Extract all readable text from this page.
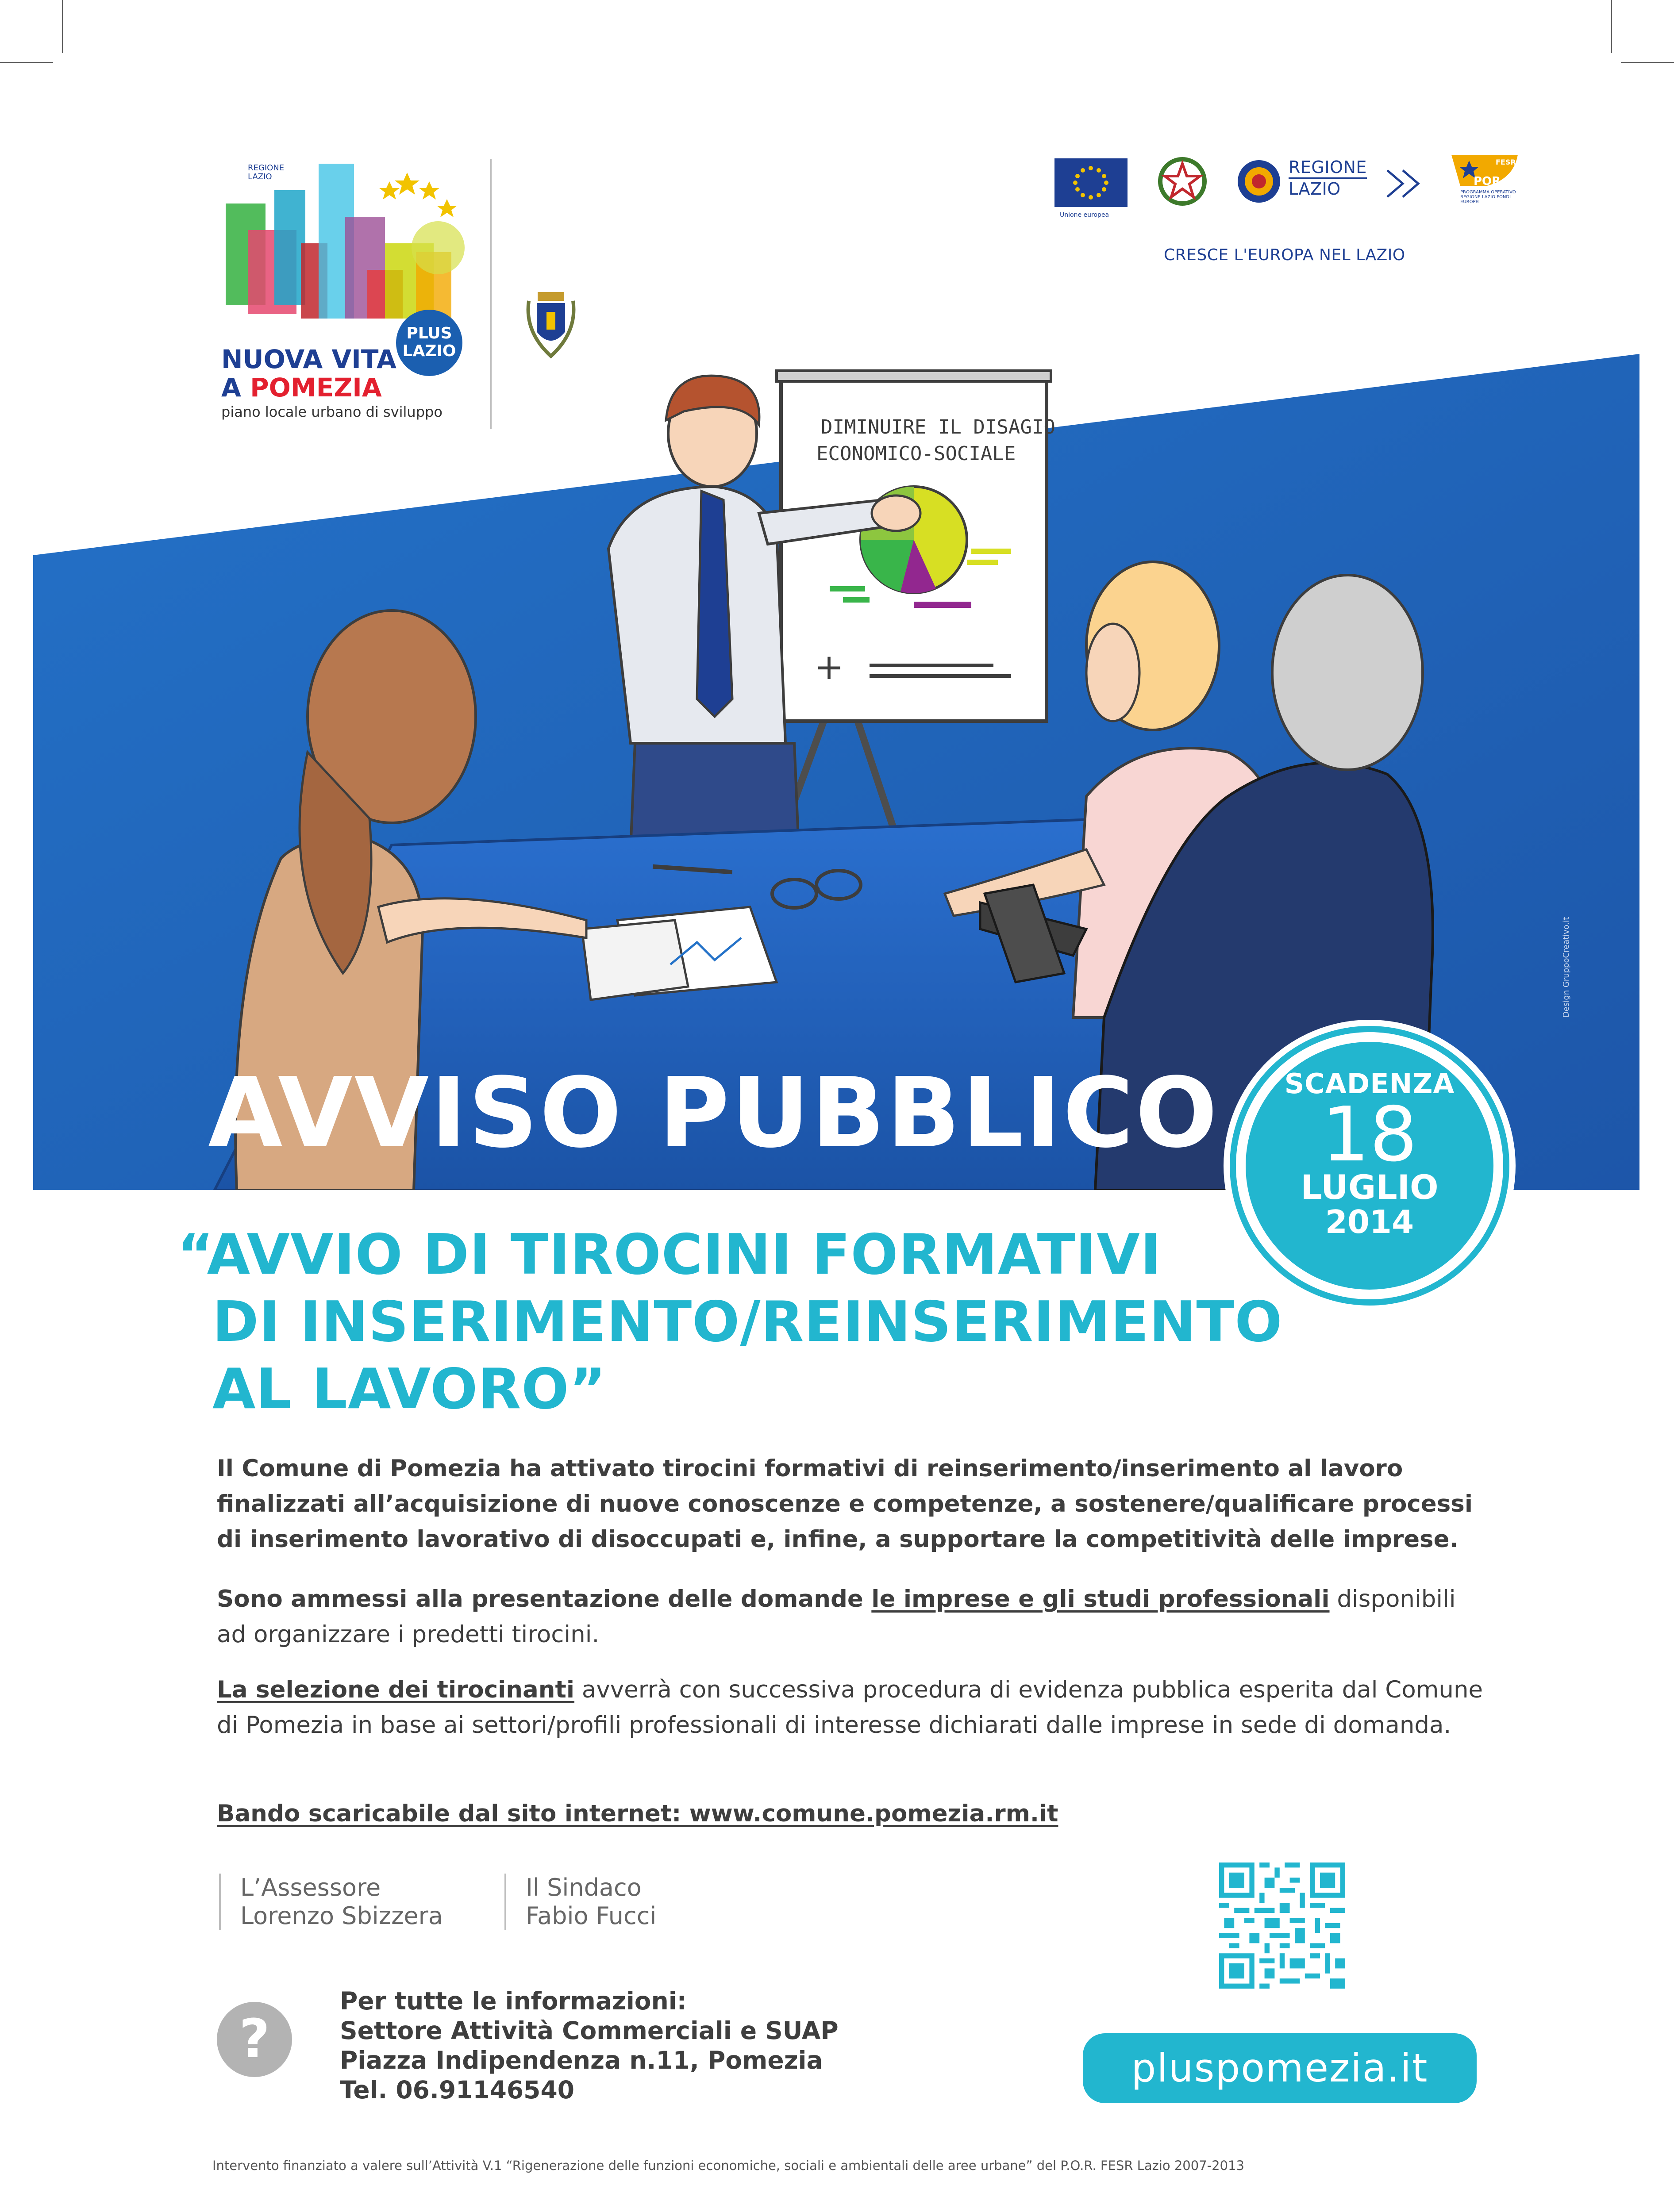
REGIONE LAZIO
PLUS
LAZIO
NUOVA VITA
A POMEZIA
piano locale urbano di sviluppo
Unione europea
REGIONE
LAZIO
FESR
POR
PROGRAMMA OPERATIVO REGIONE LAZIO FONDI EUROPEI
CRESCE L'EUROPA NEL LAZIO
+
Design GruppoCreativo.it
DIMINUIRE IL DISAGIO
ECONOMICO-SOCIALE
AVVISO PUBBLICO	SCADENZA
18
LUGLIO
2014
“AVVIO DI TIROCINI FORMATIVI
DI INSERIMENTO/REINSERIMENTO
AL LAVORO”
Il Comune di Pomezia ha attivato tirocini formativi di reinserimento/inserimento al lavoro finalizzati all’acquisizione di nuove conoscenze e competenze, a sostenere/qualificare processi di inserimento lavorativo di disoccupati e, infine, a supportare la competitività delle imprese.
Sono ammessi alla presentazione delle domande le imprese e gli studi professionali disponibili ad organizzare i predetti tirocini.
La selezione dei tirocinanti avverrà con successiva procedura di evidenza pubblica esperita dal Comune di Pomezia in base ai settori/profili professionali di interesse dichiarati dalle imprese in sede di domanda.
Bando scaricabile dal sito internet: www.comune.pomezia.rm.it
L’Assessore
Lorenzo Sbizzera
Il Sindaco
Fabio Fucci
?
Per tutte le informazioni:
Settore Attività Commerciali e SUAP
Piazza Indipendenza n.11, Pomezia
Tel. 06.91146540	pluspomezia.it
Intervento finanziato a valere sull’Attività V.1 “Rigenerazione delle funzioni economiche, sociali e ambientali delle aree urbane” del P.O.R. FESR Lazio 2007-2013
